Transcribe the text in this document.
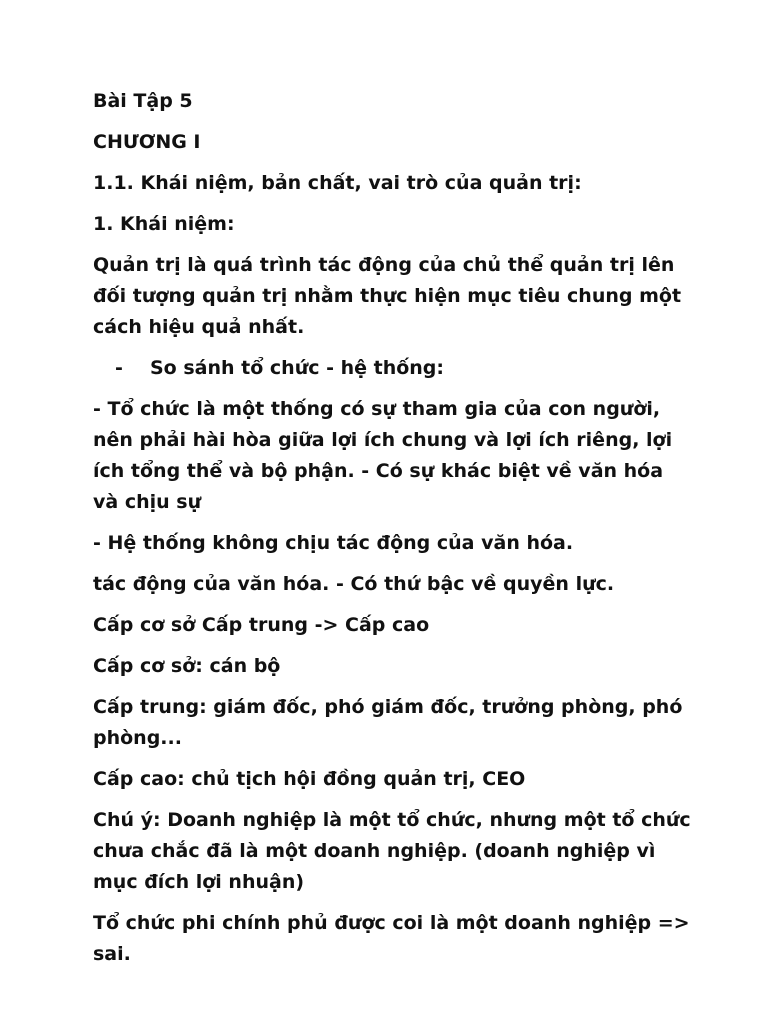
Bài Tập 5

CHƯƠNG I

1.1. Khái niệm, bản chất, vai trò của quản trị:

1. Khái niệm:

Quản trị là quá trình tác động của chủ thể quản trị lên đối tượng quản trị nhằm thực hiện mục tiêu chung một cách hiệu quả nhất.

-	So sánh tổ chức - hệ thống:

- Tổ chức là một thống có sự tham gia của con người, nên phải hài hòa giữa lợi ích chung và lợi ích riêng, lợi ích tổng thể và bộ phận. - Có sự khác biệt về văn hóa và chịu sự

- Hệ thống không chịu tác động của văn hóa.

tác động của văn hóa. - Có thứ bậc về quyền lực.

Cấp cơ sở Cấp trung -> Cấp cao

Cấp cơ sở: cán bộ

Cấp trung: giám đốc, phó giám đốc, trưởng phòng, phó phòng...

Cấp cao: chủ tịch hội đồng quản trị, CEO

Chú ý: Doanh nghiệp là một tổ chức, nhưng một tổ chức chưa chắc đã là một doanh nghiệp. (doanh nghiệp vì mục đích lợi nhuận)

Tổ chức phi chính phủ được coi là một doanh nghiệp => sai.
